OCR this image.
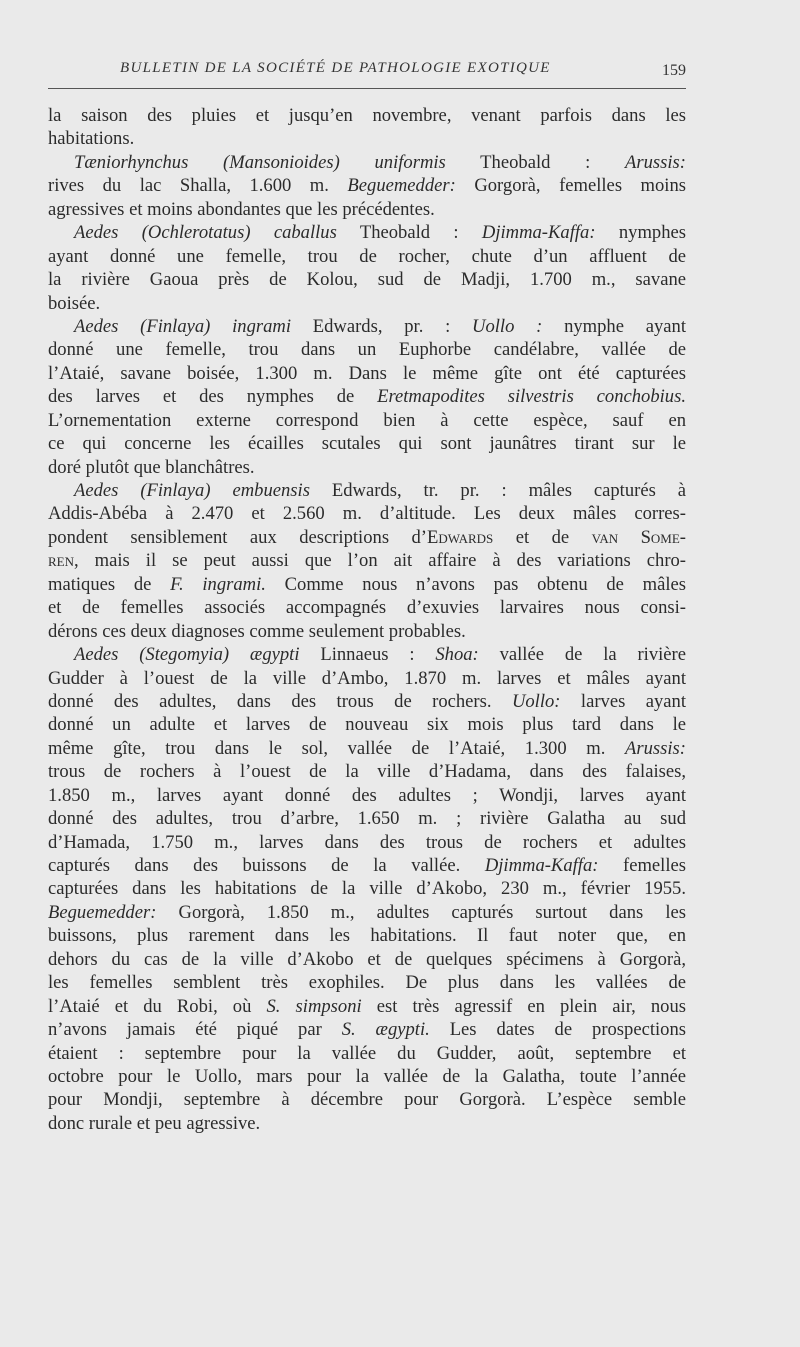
BULLETIN DE LA SOCIÉTÉ DE PATHOLOGIE EXOTIQUE	159
la saison des pluies et jusqu’en novembre, venant parfois dans les
habitations.
Tæniorhynchus (Mansonioides) uniformis Theobald : Arussis:
rives du lac Shalla, 1.600 m. Beguemedder: Gorgorà, femelles moins
agressives et moins abondantes que les précédentes.
Aedes (Ochlerotatus) caballus Theobald : Djimma-Kaffa: nymphes
ayant donné une femelle, trou de rocher, chute d’un affluent de
la rivière Gaoua près de Kolou, sud de Madji, 1.700 m., savane
boisée.
Aedes (Finlaya) ingrami Edwards, pr. : Uollo : nymphe ayant
donné une femelle, trou dans un Euphorbe candélabre, vallée de
l’Ataié, savane boisée, 1.300 m. Dans le même gîte ont été capturées
des larves et des nymphes de Eretmapodites silvestris conchobius.
L’ornementation externe correspond bien à cette espèce, sauf en
ce qui concerne les écailles scutales qui sont jaunâtres tirant sur le
doré plutôt que blanchâtres.
Aedes (Finlaya) embuensis Edwards, tr. pr. : mâles capturés à
Addis-Abéba à 2.470 et 2.560 m. d’altitude. Les deux mâles corres-
pondent sensiblement aux descriptions d’Edwards et de van Some-
ren, mais il se peut aussi que l’on ait affaire à des variations chro-
matiques de F. ingrami. Comme nous n’avons pas obtenu de mâles
et de femelles associés accompagnés d’exuvies larvaires nous consi-
dérons ces deux diagnoses comme seulement probables.
Aedes (Stegomyia) ægypti Linnaeus : Shoa: vallée de la rivière
Gudder à l’ouest de la ville d’Ambo, 1.870 m. larves et mâles ayant
donné des adultes, dans des trous de rochers. Uollo: larves ayant
donné un adulte et larves de nouveau six mois plus tard dans le
même gîte, trou dans le sol, vallée de l’Ataié, 1.300 m. Arussis:
trous de rochers à l’ouest de la ville d’Hadama, dans des falaises,
1.850 m., larves ayant donné des adultes ; Wondji, larves ayant
donné des adultes, trou d’arbre, 1.650 m. ; rivière Galatha au sud
d’Hamada, 1.750 m., larves dans des trous de rochers et adultes
capturés dans des buissons de la vallée. Djimma-Kaffa: femelles
capturées dans les habitations de la ville d’Akobo, 230 m., février 1955.
Beguemedder: Gorgorà, 1.850 m., adultes capturés surtout dans les
buissons, plus rarement dans les habitations. Il faut noter que, en
dehors du cas de la ville d’Akobo et de quelques spécimens à Gorgorà,
les femelles semblent très exophiles. De plus dans les vallées de
l’Ataié et du Robi, où S. simpsoni est très agressif en plein air, nous
n’avons jamais été piqué par S. ægypti. Les dates de prospections
étaient : septembre pour la vallée du Gudder, août, septembre et
octobre pour le Uollo, mars pour la vallée de la Galatha, toute l’année
pour Mondji, septembre à décembre pour Gorgorà. L’espèce semble
donc rurale et peu agressive.
